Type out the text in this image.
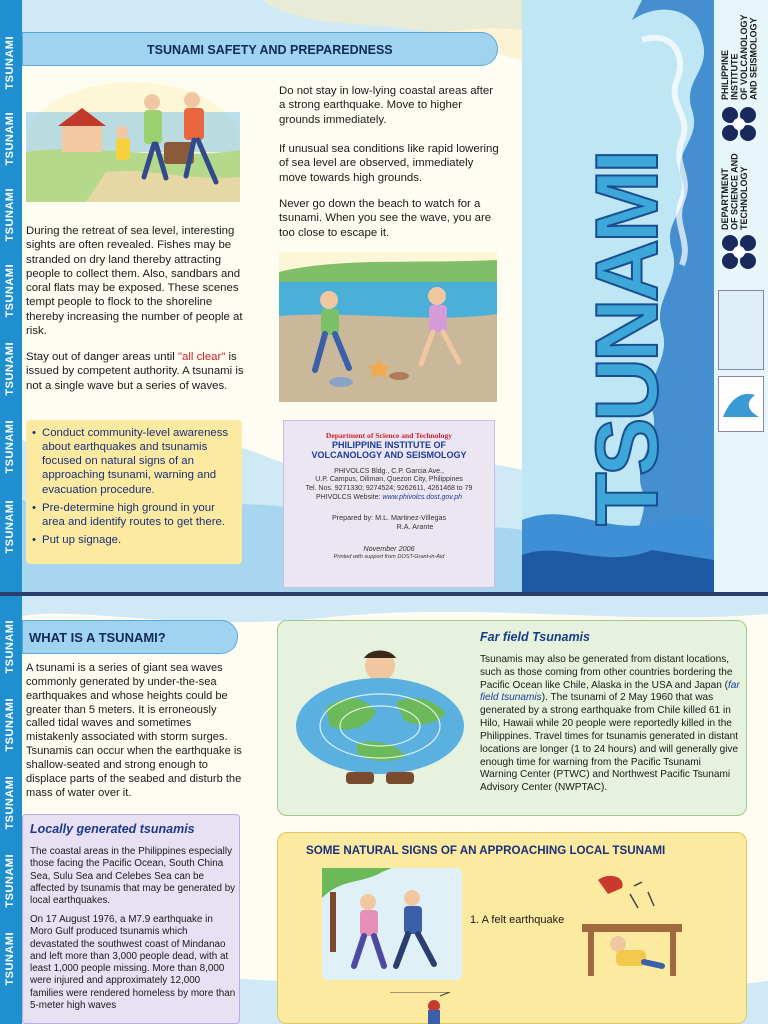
TSUNAMI
TSUNAMI
TSUNAMI
TSUNAMI
TSUNAMI
TSUNAMI
TSUNAMI
TSUNAMI SAFETY AND PREPAREDNESS
During the retreat of sea level, interesting sights are often revealed. Fishes may be stranded on dry land thereby attracting people to collect them. Also, sandbars and coral flats may be exposed. These scenes tempt people to flock to the shoreline thereby increasing the number of people at risk.
Stay out of danger areas until "all clear" is issued by competent authority. A tsunami is not a single wave but a series of waves.
• Conduct community-level awareness about earthquakes and tsunamis focused on natural signs of an approaching tsunami, warning and evacuation procedure.
• Pre-determine high ground in your area and identify routes to get there.
• Put up signage.
Do not stay in low-lying coastal areas after a strong earthquake. Move to higher grounds immediately.
If unusual sea conditions like rapid lowering of sea level are observed, immediately move towards high grounds.
Never go down the beach to watch for a tsunami. When you see the wave, you are too close to escape it.
Department of Science and Technology
PHILIPPINE INSTITUTE OF
VOLCANOLOGY AND SEISMOLOGY
PHIVOLCS Bldg., C.P. Garcia Ave.,
U.P. Campus, Diliman, Quezon City, Philippines
Tel. Nos. 9271330; 9274524; 9262611, 4261468 to 79
PHIVOLCS Website: www.phivolcs.dost.gov.ph
Prepared by: M.L. Martinez-Villegas
R.A. Arante
November 2006
Printed with support from DOST-Grant-in-Aid
TSUNAMI
PHILIPPINE INSTITUTE
OF VOLCANOLOGY
AND SEISMOLOGY
DEPARTMENT
OF SCIENCE AND
TECHNOLOGY
TSUNAMI
TSUNAMI
TSUNAMI
TSUNAMI
TSUNAMI
WHAT IS A TSUNAMI?
A tsunami is a series of giant sea waves commonly generated by under-the-sea earthquakes and whose heights could be greater than 5 meters. It is erroneously called tidal waves and sometimes mistakenly associated with storm surges. Tsunamis can occur when the earthquake is shallow-seated and strong enough to displace parts of the seabed and disturb the mass of water over it.
Locally generated tsunamis
The coastal areas in the Philippines especially those facing the Pacific Ocean, South China Sea, Sulu Sea and Celebes Sea can be affected by tsunamis that may be generated by local earthquakes.
On 17 August 1976, a M7.9 earthquake in Moro Gulf produced tsunamis which devastated the southwest coast of Mindanao and left more than 3,000 people dead, with at least 1,000 people missing. More than 8,000 were injured and approximately 12,000 families were rendered homeless by more than 5-meter high waves
Far field Tsunamis
Tsunamis may also be generated from distant locations, such as those coming from other countries bordering the Pacific Ocean like Chile, Alaska in the USA and Japan (far field tsunamis). The tsunami of 2 May 1960 that was generated by a strong earthquake from Chile killed 61 in Hilo, Hawaii while 20 people were reportedly killed in the Philippines. Travel times for tsunamis generated in distant locations are longer (1 to 24 hours) and will generally give enough time for warning from the Pacific Tsunami Warning Center (PTWC) and Northwest Pacific Tsunami Advisory Center (NWPTAC).
SOME NATURAL SIGNS OF AN APPROACHING LOCAL TSUNAMI
1. A felt earthquake
